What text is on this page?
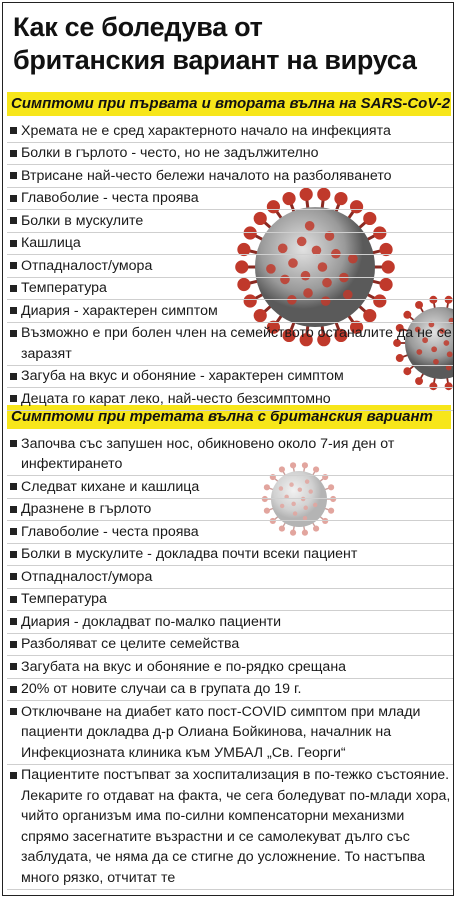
Как се боледува от
британския вариант на вируса
Симптоми при първата и втората вълна на SARS-CoV-2
Хремата не е сред характерното начало на инфекцията
Болки в гърлото - често, но не задължително
Втрисане най-често бележи началото на разболяването
Главоболие - честа проява
Болки в мускулите
Кашлица
Отпадналост/умора
Температура
Диария - характерен симптом
Възможно е при болен член на семейството останалите да не се заразят
Загуба на вкус и обоняние - характерен симптом
Децата го карат леко, най-често безсимптомно
Симптоми при третата вълна с британския вариант
Започва със запушен нос, обикновено около 7-ия ден от инфектирането
Следват кихане и кашлица
Дразнене в гърлото
Главоболие - честа проява
Болки в мускулите - докладва почти всеки пациент
Отпадналост/умора
Температура
Диария - докладват по-малко пациенти
Разболяват се целите семейства
Загубата на вкус и обоняние е по-рядко срещана
20% от новите случаи са в групата до 19 г.
Отключване на диабет като пост-COVID симптом при млади пациенти докладва д-р Олиана Бойкинова, началник на Инфекциозната клиника към УМБАЛ „Св. Георги“
Пациентите постъпват за хоспитализация в по-тежко състояние. Лекарите го отдават на факта, че сега боледуват по-млади хора, чийто организъм има по-силни компенсаторни механизми спрямо засегнатите възрастни и се самолекуват дълго със заблудата, че няма да се стигне до усложнение. То настъпва много рязко, отчитат те
